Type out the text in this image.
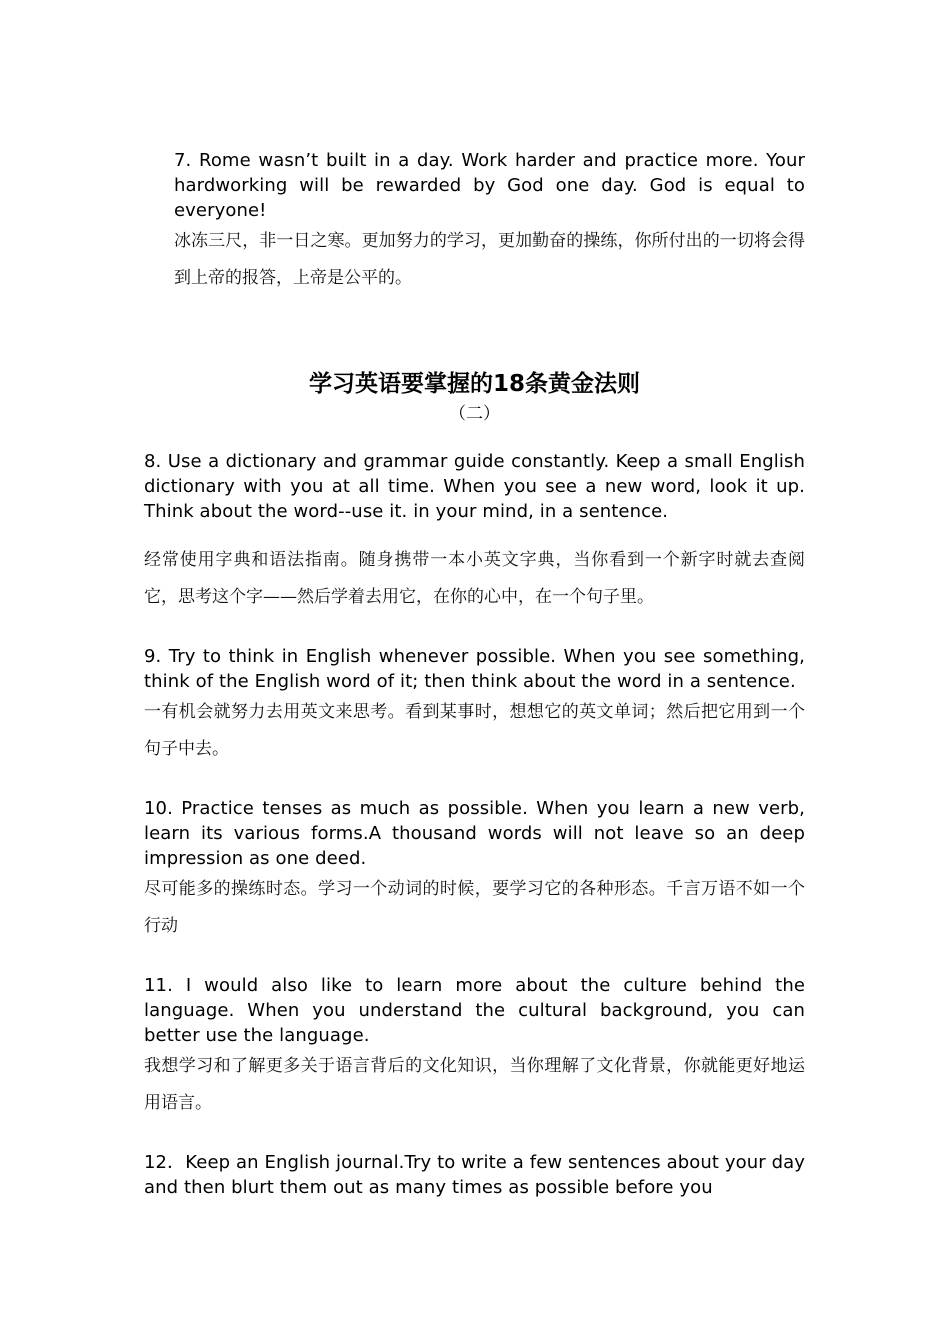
7. Rome wasn’t built in a day. Work harder and practice more. Your hardworking will be rewarded by God one day. God is equal to everyone!

冰冻三尺，非一日之寒。更加努力的学习，更加勤奋的操练，你所付出的一切将会得到上帝的报答，上帝是公平的。

学习英语要掌握的18条黄金法则

（二）

8. Use a dictionary and grammar guide constantly. Keep a small English dictionary with you at all time. When you see a new word, look it up. Think about the word--use it. in your mind, in a sentence.

经常使用字典和语法指南。随身携带一本小英文字典，当你看到一个新字时就去查阅它，思考这个字——然后学着去用它，在你的心中，在一个句子里。

9. Try to think in English whenever possible. When you see something, think of the English word of it; then think about the word in a sentence.

一有机会就努力去用英文来思考。看到某事时，想想它的英文单词；然后把它用到一个句子中去。

10. Practice tenses as much as possible. When you learn a new verb, learn its various forms.A thousand words will not leave so an deep impression as one deed.

尽可能多的操练时态。学习一个动词的时候，要学习它的各种形态。千言万语不如一个行动

11. I would also like to learn more about the culture behind the language. When you understand the cultural background, you can better use the language.

我想学习和了解更多关于语言背后的文化知识，当你理解了文化背景，你就能更好地运用语言。

12．Keep an English journal.Try to write a few sentences about your day and then blurt them out as many times as possible before you
